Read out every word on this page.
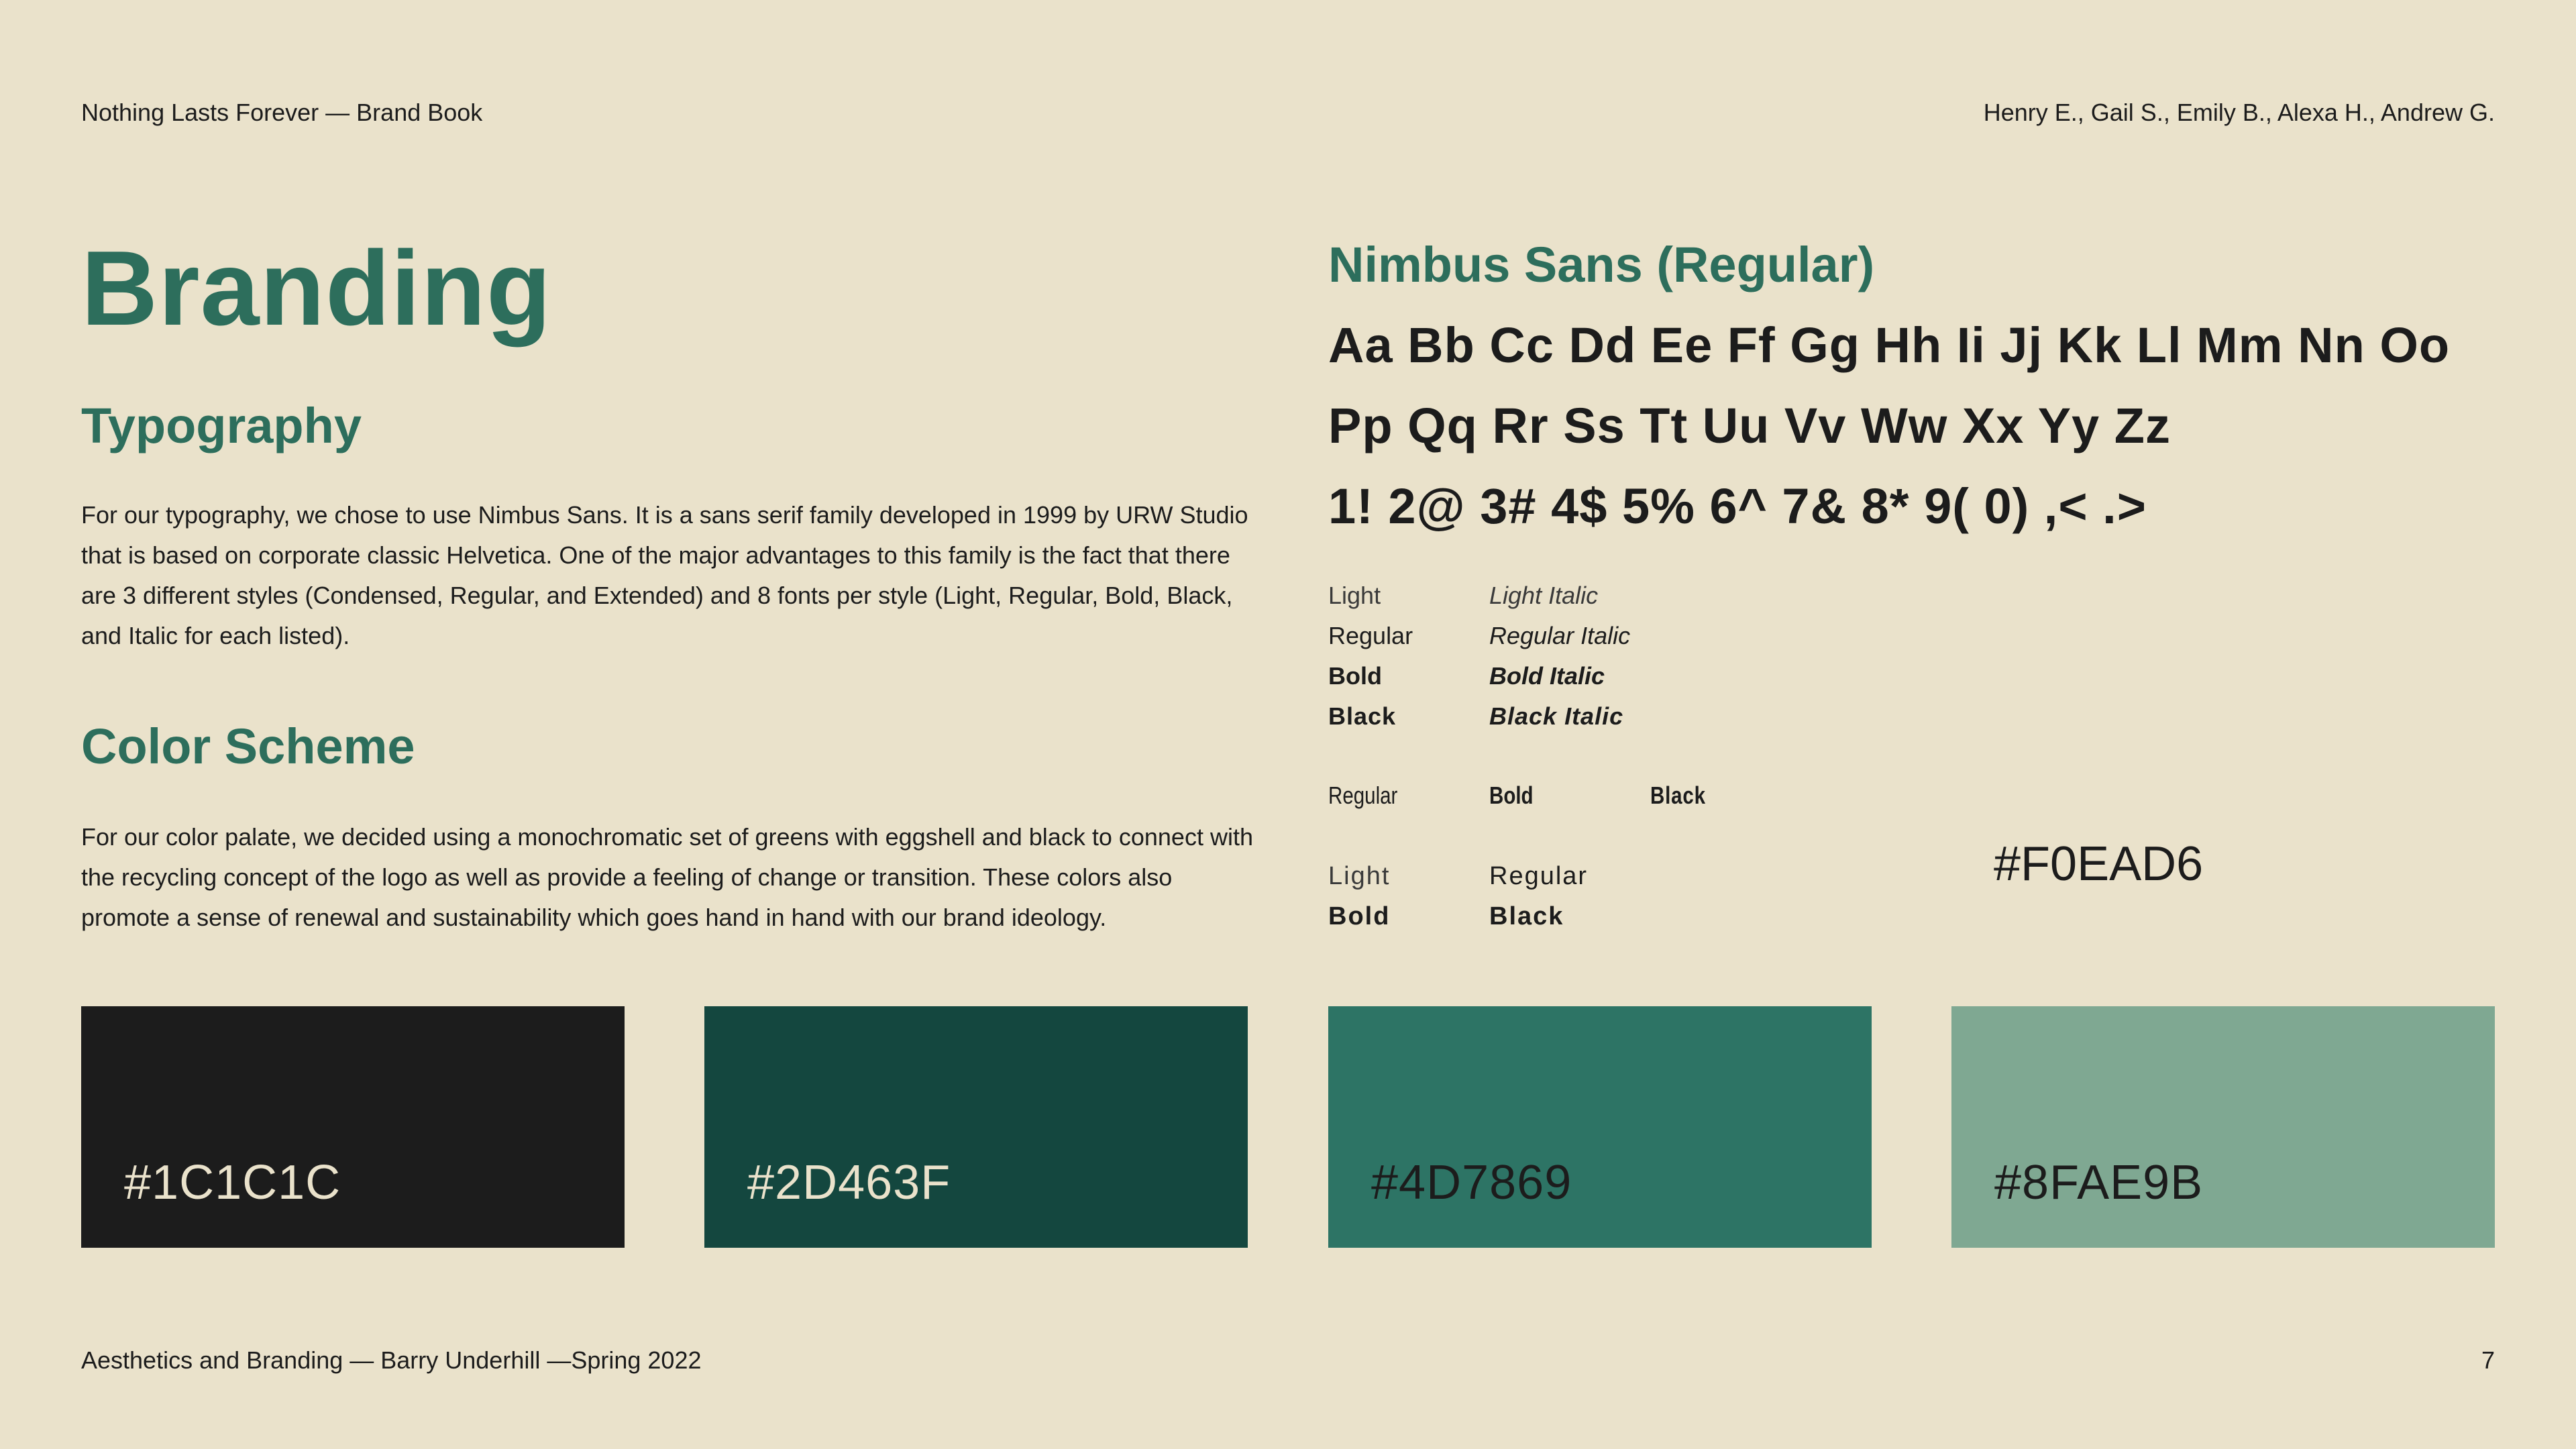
Nothing Lasts Forever — Brand Book	Henry E., Gail S., Emily B., Alexa H., Andrew G.
Branding
Typography
For our typography, we chose to use Nimbus Sans. It is a sans serif family developed in 1999 by URW Studio that is based on corporate classic Helvetica. One of the major advantages to this family is the fact that there are 3 different styles (Condensed, Regular, and Extended) and 8 fonts per style (Light, Regular, Bold, Black, and Italic for each listed).
Color Scheme
For our color palate, we decided using a monochromatic set of greens with eggshell and black to connect with the recycling concept of the logo as well as provide a feeling of change or transition. These colors also promote a sense of renewal and sustainability which goes hand in hand with our brand ideology.
Nimbus Sans (Regular)
Aa Bb Cc Dd Ee Ff Gg Hh Ii Jj Kk Ll Mm Nn Oo
Pp Qq Rr Ss Tt Uu Vv Ww Xx Yy Zz
1! 2@ 3# 4$ 5% 6^ 7& 8* 9( 0) ,< .>
Light	Light Italic
Regular	Regular Italic
Bold	Bold Italic
Black	Black Italic
Regular	Bold	Black
Light	Regular
Bold	Black
#F0EAD6
#1C1C1C	#2D463F	#4D7869	#8FAE9B
Aesthetics and Branding — Barry Underhill —Spring 2022	7
